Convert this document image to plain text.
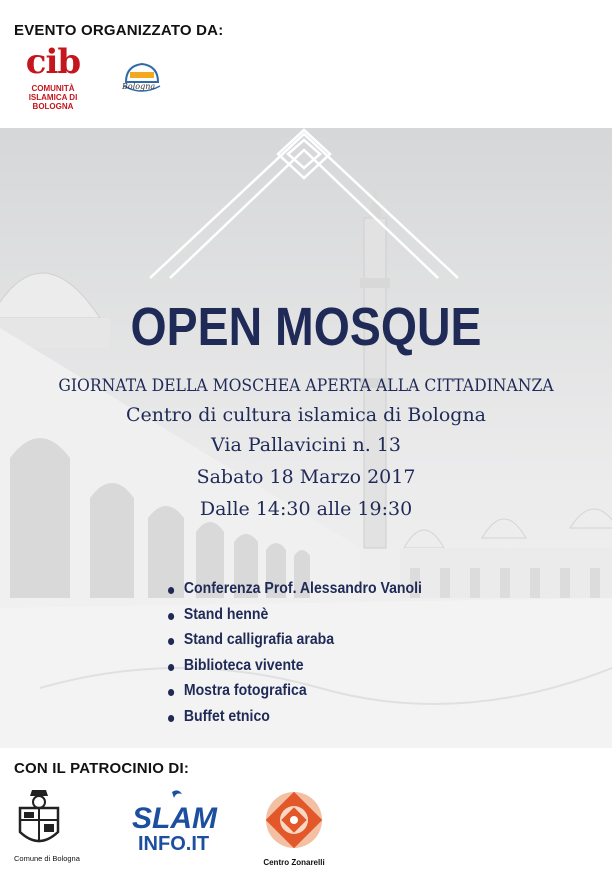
EVENTO ORGANIZZATO DA:
cib
COMUNITÀ
ISLAMICA DI
BOLOGNA
Bologna
OPEN MOSQUE
GIORNATA DELLA MOSCHEA APERTA ALLA CITTADINANZA
Centro di cultura islamica di Bologna
Via Pallavicini n. 13
Sabato 18 Marzo 2017
Dalle 14:30 alle 19:30
Conferenza Prof. Alessandro Vanoli
Stand hennè
Stand calligrafia araba
Biblioteca vivente
Mostra fotografica
Buffet etnico
CON IL PATROCINIO DI:
Comune di Bologna
SLAM
INFO.IT
Centro Zonarelli
